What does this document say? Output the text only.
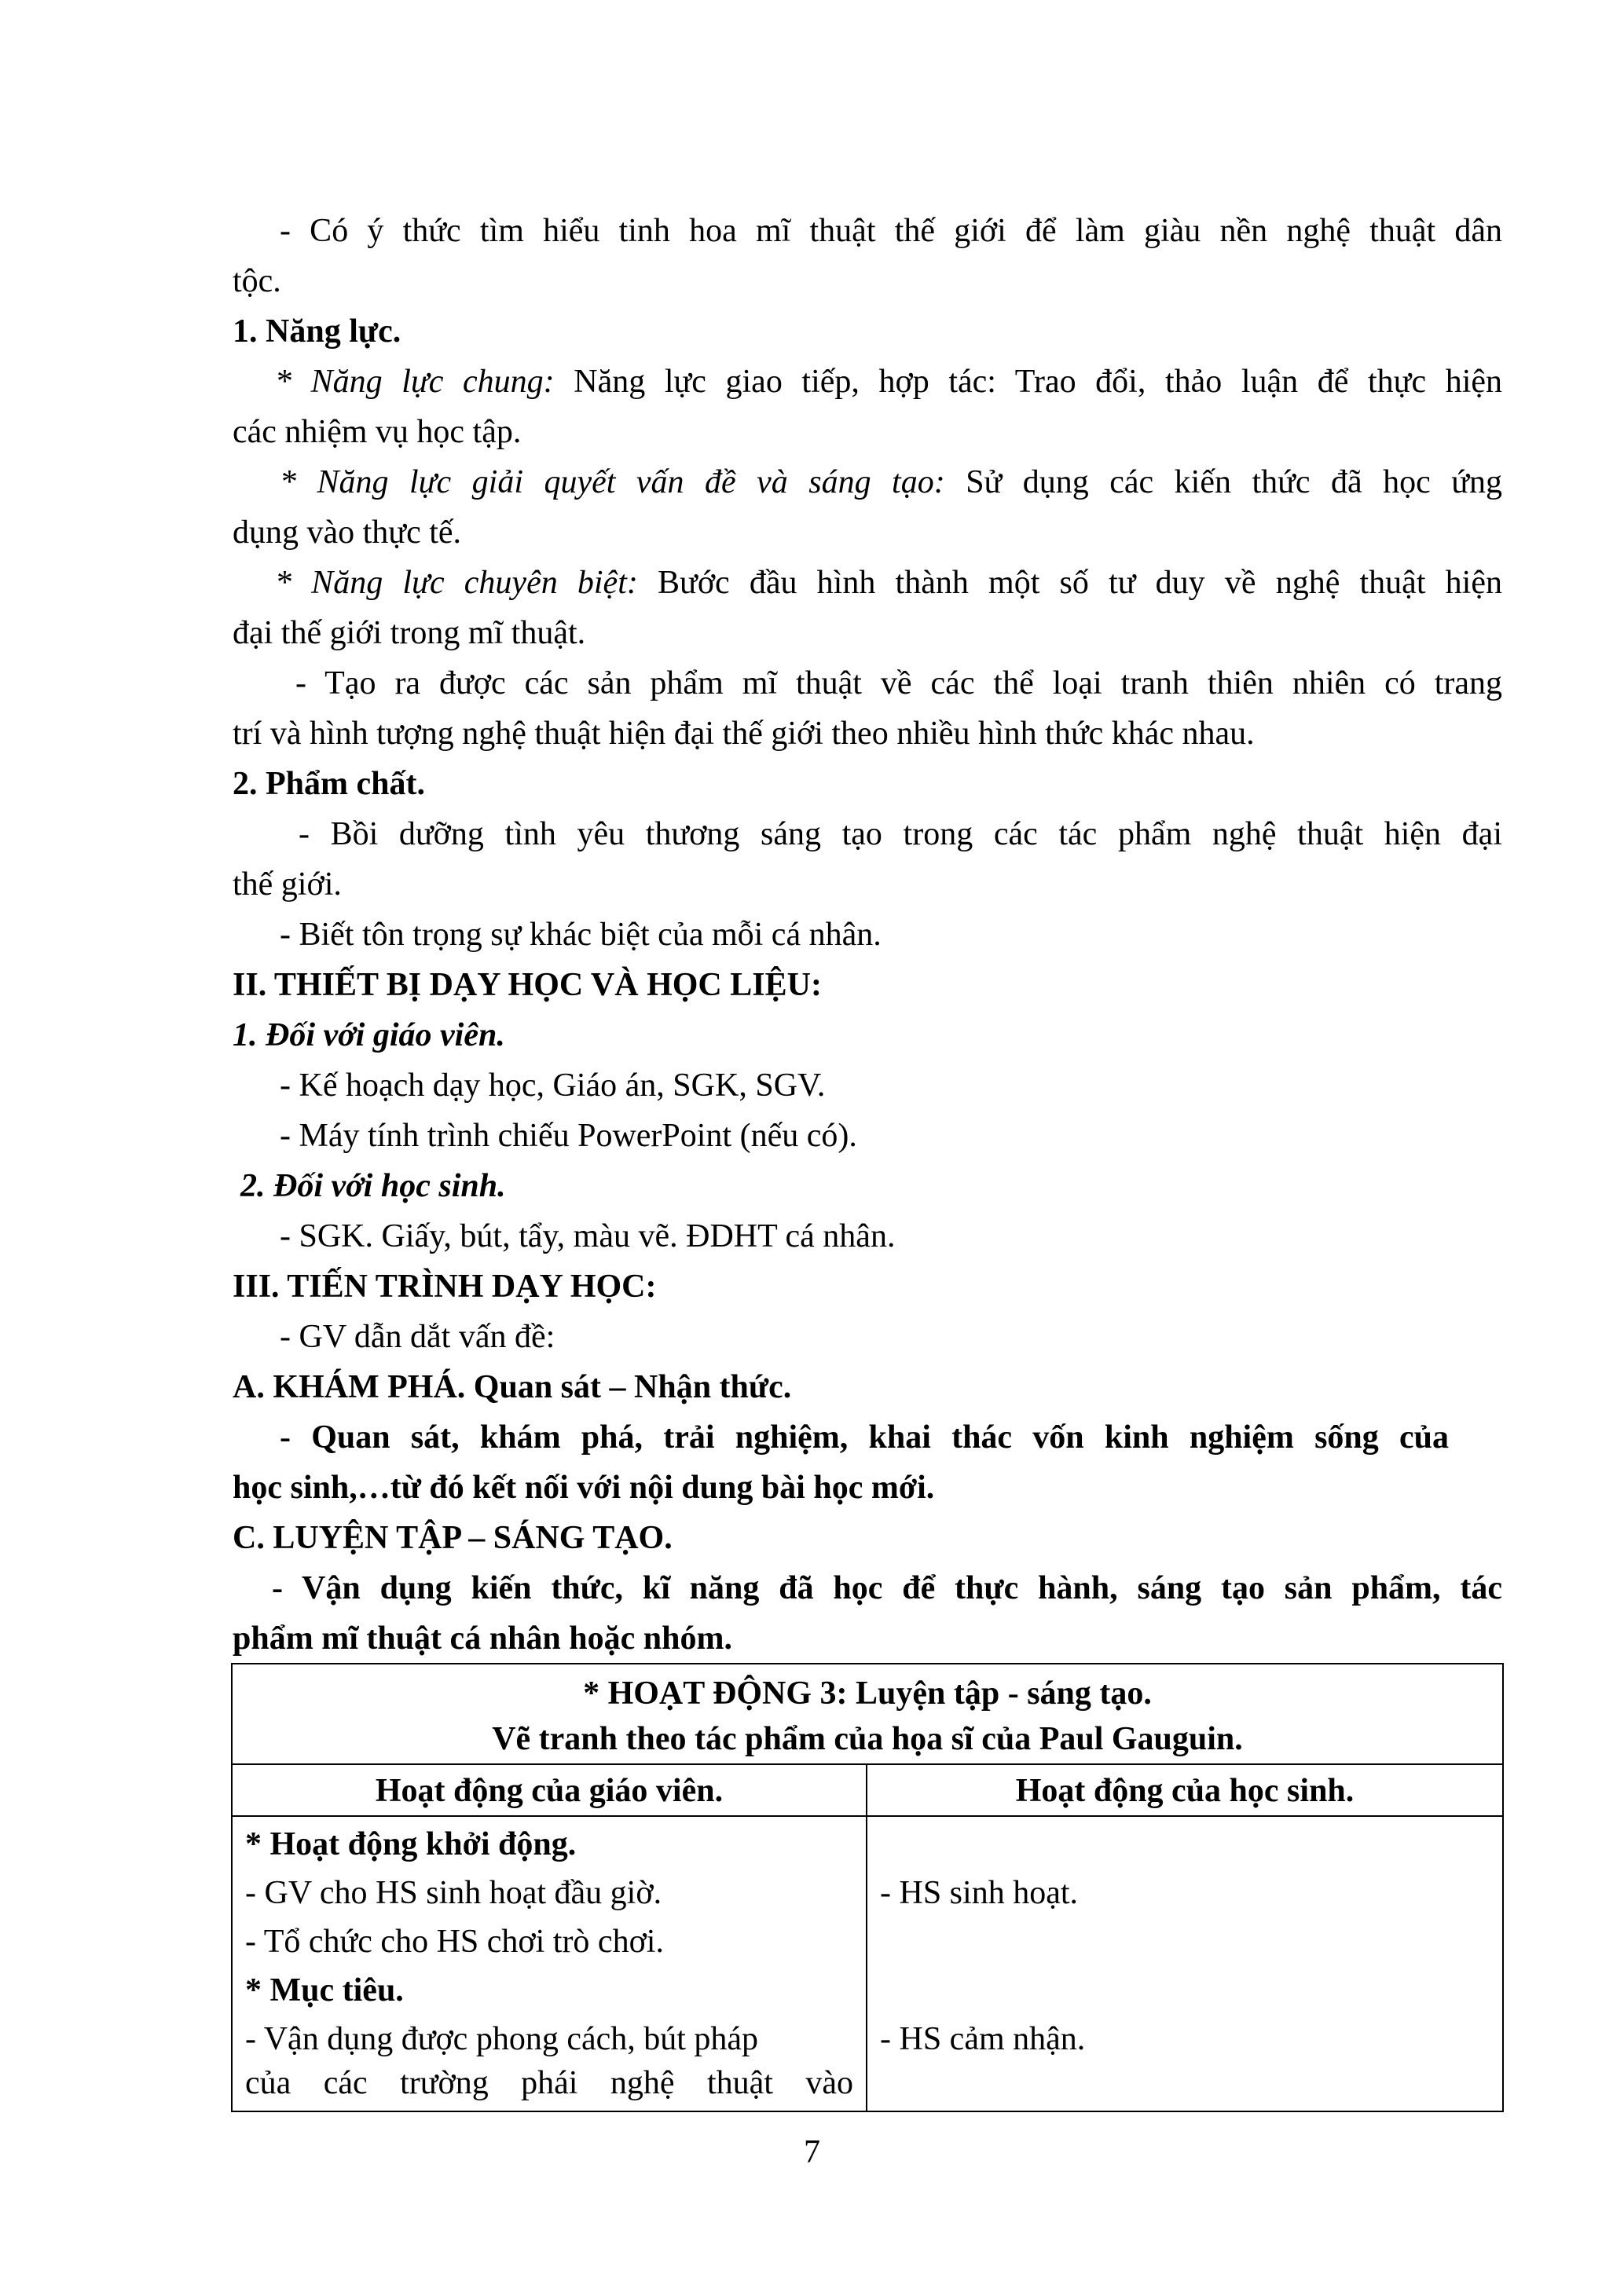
- Có ý thức tìm hiểu tinh hoa mĩ thuật thế giới để làm giàu nền nghệ thuật dân
tộc.
1. Năng lực.
* Năng lực chung: Năng lực giao tiếp, hợp tác: Trao đổi, thảo luận để thực hiện
các nhiệm vụ học tập.
* Năng lực giải quyết vấn đề và sáng tạo: Sử dụng các kiến thức đã học ứng
dụng vào thực tế.
* Năng lực chuyên biệt: Bước đầu hình thành một số tư duy về nghệ thuật hiện
đại thế giới trong mĩ thuật.
- Tạo ra được các sản phẩm mĩ thuật về các thể loại tranh thiên nhiên có trang
trí và hình tượng nghệ thuật hiện đại thế giới theo nhiều hình thức khác nhau.
2. Phẩm chất.
- Bồi dưỡng tình yêu thương sáng tạo trong các tác phẩm nghệ thuật hiện đại
thế giới.
- Biết tôn trọng sự khác biệt của mỗi cá nhân.
II. THIẾT BỊ DẠY HỌC VÀ HỌC LIỆU:
1. Đối với giáo viên.
- Kế hoạch dạy học, Giáo án, SGK, SGV.
- Máy tính trình chiếu PowerPoint (nếu có).
2. Đối với học sinh.
- SGK. Giấy, bút, tẩy, màu vẽ. ĐDHT cá nhân.
III. TIẾN TRÌNH DẠY HỌC:
- GV dẫn dắt vấn đề:
A. KHÁM PHÁ. Quan sát – Nhận thức.
- Quan sát, khám phá, trải nghiệm, khai thác vốn kinh nghiệm sống của
học sinh,…từ đó kết nối với nội dung bài học mới.
C. LUYỆN TẬP – SÁNG TẠO.
- Vận dụng kiến thức, kĩ năng đã học để thực hành, sáng tạo sản phẩm, tác
phẩm mĩ thuật cá nhân hoặc nhóm.
* HOẠT ĐỘNG 3: Luyện tập - sáng tạo.
Vẽ tranh theo tác phẩm của họa sĩ của Paul Gauguin.
Hoạt động của giáo viên.	Hoạt động của học sinh.
* Hoạt động khởi động.
- GV cho HS sinh hoạt đầu giờ.
- Tổ chức cho HS chơi trò chơi.
* Mục tiêu.
- Vận dụng được phong cách, bút pháp
của các trường phái nghệ thuật vào
- HS sinh hoạt.
- HS cảm nhận.
7
